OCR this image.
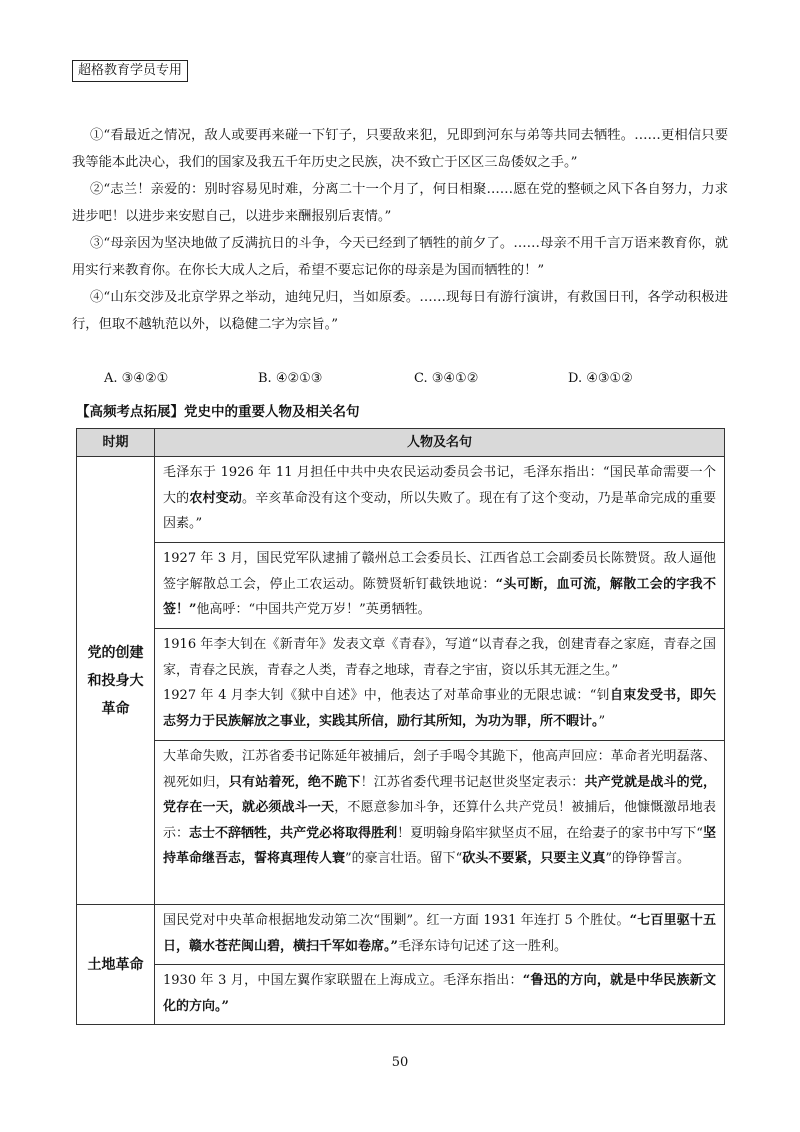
超格教育学员专用

①“看最近之情况，敌人或要再来碰一下钉子，只要敌来犯，兄即到河东与弟等共同去牺牲。……更相信只要我等能本此决心，我们的国家及我五千年历史之民族，决不致亡于区区三岛倭奴之手。”

②“志兰！亲爱的：别时容易见时难，分离二十一个月了，何日相聚……愿在党的整顿之风下各自努力，力求进步吧！以进步来安慰自己，以进步来酬报别后衷情。”

③“母亲因为坚决地做了反满抗日的斗争，今天已经到了牺牲的前夕了。……母亲不用千言万语来教育你，就用实行来教育你。在你长大成人之后，希望不要忘记你的母亲是为国而牺牲的！”

④“山东交涉及北京学界之举动，迪纯兄归，当如原委。……现每日有游行演讲，有救国日刊，各学动积极进行，但取不越轨范以外，以稳健二字为宗旨。”

A. ③④②①	B. ④②①③	C. ③④①②	D. ④③①②
【高频考点拓展】党史中的重要人物及相关名句
时期	人物及名句
党的创建和投身大革命	毛泽东于 1926 年 11 月担任中共中央农民运动委员会书记，毛泽东指出：“国民革命需要一个大的农村变动。辛亥革命没有这个变动，所以失败了。现在有了这个变动，乃是革命完成的重要因素。”
	1927 年 3 月，国民党军队逮捕了赣州总工会委员长、江西省总工会副委员长陈赞贤。敌人逼他签字解散总工会，停止工农运动。陈赞贤斩钉截铁地说：“头可断，血可流，解散工会的字我不签！”他高呼：“中国共产党万岁！”英勇牺牲。

	1916 年李大钊在《新青年》发表文章《青春》，写道“以青春之我，创建青春之家庭，青春之国家，青春之民族，青春之人类，青春之地球，青春之宇宙，资以乐其无涯之生。”

1927 年 4 月李大钊《狱中自述》中，他表达了对革命事业的无限忠诚：“钊自束发受书，即矢志努力于民族解放之事业，实践其所信，励行其所知，为功为罪，所不暇计。”

	大革命失败，江苏省委书记陈延年被捕后，刽子手喝令其跪下，他高声回应：革命者光明磊落、视死如归，只有站着死，绝不跪下！江苏省委代理书记赵世炎坚定表示：共产党就是战斗的党，党存在一天，就必须战斗一天，不愿意参加斗争，还算什么共产党员！被捕后，他慷慨激昂地表示：志士不辞牺牲，共产党必将取得胜利！夏明翰身陷牢狱坚贞不屈，在给妻子的家书中写下“坚持革命继吾志，誓将真理传人寰”的豪言壮语。留下“砍头不要紧，只要主义真”的铮铮誓言。
土地革命	国民党对中央革命根据地发动第二次“围剿”。红一方面 1931 年连打 5 个胜仗。“七百里驱十五日，赣水苍茫闽山碧，横扫千军如卷席。”毛泽东诗句记述了这一胜利。
	1930 年 3 月，中国左翼作家联盟在上海成立。毛泽东指出：“鲁迅的方向，就是中华民族新文化的方向。”
50
